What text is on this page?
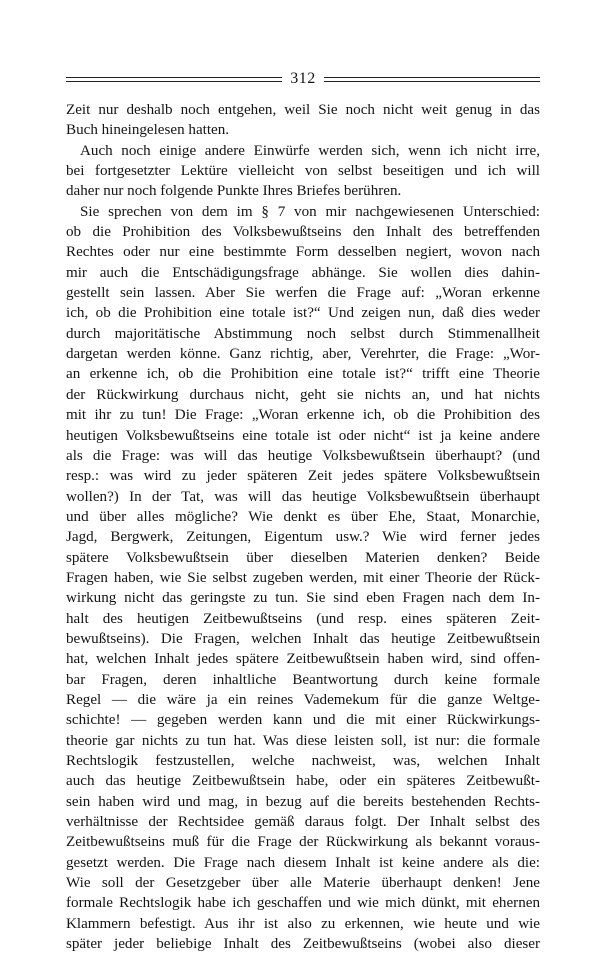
312
Zeit nur deshalb noch entgehen, weil Sie noch nicht weit genug in das
Buch hineingelesen hatten.
Auch noch einige andere Einwürfe werden sich, wenn ich nicht irre,
bei fortgesetzter Lektüre vielleicht von selbst beseitigen und ich will
daher nur noch folgende Punkte Ihres Briefes berühren.
Sie sprechen von dem im § 7 von mir nachgewiesenen Unterschied:
ob die Prohibition des Volksbewußtseins den Inhalt des betreffenden
Rechtes oder nur eine bestimmte Form desselben negiert, wovon nach
mir auch die Entschädigungsfrage abhänge. Sie wollen dies dahin-
gestellt sein lassen. Aber Sie werfen die Frage auf: „Woran erkenne
ich, ob die Prohibition eine totale ist?“ Und zeigen nun, daß dies weder
durch majoritätische Abstimmung noch selbst durch Stimmenallheit
dargetan werden könne. Ganz richtig, aber, Verehrter, die Frage: „Wor-
an erkenne ich, ob die Prohibition eine totale ist?“ trifft eine Theorie
der Rückwirkung durchaus nicht, geht sie nichts an, und hat nichts
mit ihr zu tun! Die Frage: „Woran erkenne ich, ob die Prohibition des
heutigen Volksbewußtseins eine totale ist oder nicht“ ist ja keine andere
als die Frage: was will das heutige Volksbewußtsein überhaupt? (und
resp.: was wird zu jeder späteren Zeit jedes spätere Volksbewußtsein
wollen?) In der Tat, was will das heutige Volksbewußtsein überhaupt
und über alles mögliche? Wie denkt es über Ehe, Staat, Monarchie,
Jagd, Bergwerk, Zeitungen, Eigentum usw.? Wie wird ferner jedes
spätere Volksbewußtsein über dieselben Materien denken? Beide
Fragen haben, wie Sie selbst zugeben werden, mit einer Theorie der Rück-
wirkung nicht das geringste zu tun. Sie sind eben Fragen nach dem In-
halt des heutigen Zeitbewußtseins (und resp. eines späteren Zeit-
bewußtseins). Die Fragen, welchen Inhalt das heutige Zeitbewußtsein
hat, welchen Inhalt jedes spätere Zeitbewußtsein haben wird, sind offen-
bar Fragen, deren inhaltliche Beantwortung durch keine formale
Regel — die wäre ja ein reines Vademekum für die ganze Weltge-
schichte! — gegeben werden kann und die mit einer Rückwirkungs-
theorie gar nichts zu tun hat. Was diese leisten soll, ist nur: die formale
Rechtslogik festzustellen, welche nachweist, was, welchen Inhalt
auch das heutige Zeitbewußtsein habe, oder ein späteres Zeitbewußt-
sein haben wird und mag, in bezug auf die bereits bestehenden Rechts-
verhältnisse der Rechtsidee gemäß daraus folgt. Der Inhalt selbst des
Zeitbewußtseins muß für die Frage der Rückwirkung als bekannt voraus-
gesetzt werden. Die Frage nach diesem Inhalt ist keine andere als die:
Wie soll der Gesetzgeber über alle Materie überhaupt denken! Jene
formale Rechtslogik habe ich geschaffen und wie mich dünkt, mit ehernen
Klammern befestigt. Aus ihr ist also zu erkennen, wie heute und wie
später jeder beliebige Inhalt des Zeitbewußtseins (wobei also dieser
